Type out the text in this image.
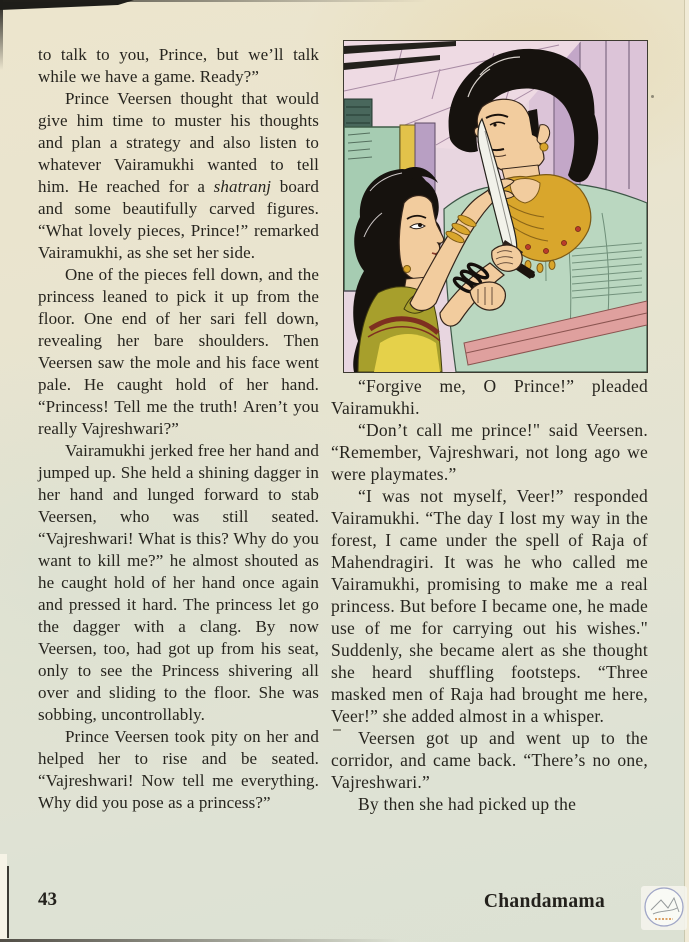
to talk to you, Prince, but we’ll talk while we have a game. Ready?”

Prince Veersen thought that would give him time to muster his thoughts and plan a strategy and also listen to whatever Vairamukhi wanted to tell him. He reached for a shatranj board and some beautifully carved figures. “What lovely pieces, Prince!” remarked Vairamukhi, as she set her side.

One of the pieces fell down, and the princess leaned to pick it up from the floor. One end of her sari fell down, revealing her bare shoulders. Then Veersen saw the mole and his face went pale. He caught hold of her hand. “Princess! Tell me the truth! Aren’t you really Vajreshwari?”

Vairamukhi jerked free her hand and jumped up. She held a shining dagger in her hand and lunged forward to stab Veersen, who was still seated. “Vajreshwari! What is this? Why do you want to kill me?” he almost shouted as he caught hold of her hand once again and pressed it hard. The princess let go the dagger with a clang. By now Veersen, too, had got up from his seat, only to see the Princess shivering all over and sliding to the floor. She was sobbing, uncontrollably.

Prince Veersen took pity on her and helped her to rise and be seated. “Vajreshwari! Now tell me everything. Why did you pose as a princess?”

“Forgive me, O Prince!” pleaded Vairamukhi.

“Don’t call me prince!" said Veersen. “Remember, Vajreshwari, not long ago we were playmates.”

“I was not myself, Veer!” responded Vairamukhi. “The day I lost my way in the forest, I came under the spell of Raja of Mahendragiri. It was he who called me Vairamukhi, promising to make me a real princess. But before I became one, he made use of me for carrying out his wishes." Suddenly, she became alert as she thought she heard shuffling footsteps. “Three masked men of Raja had brought me here, Veer!” she added almost in a whisper.

Veersen got up and went up to the corridor, and came back. “There’s no one, Vajreshwari.”

By then she had picked up the

43	Chandamama
